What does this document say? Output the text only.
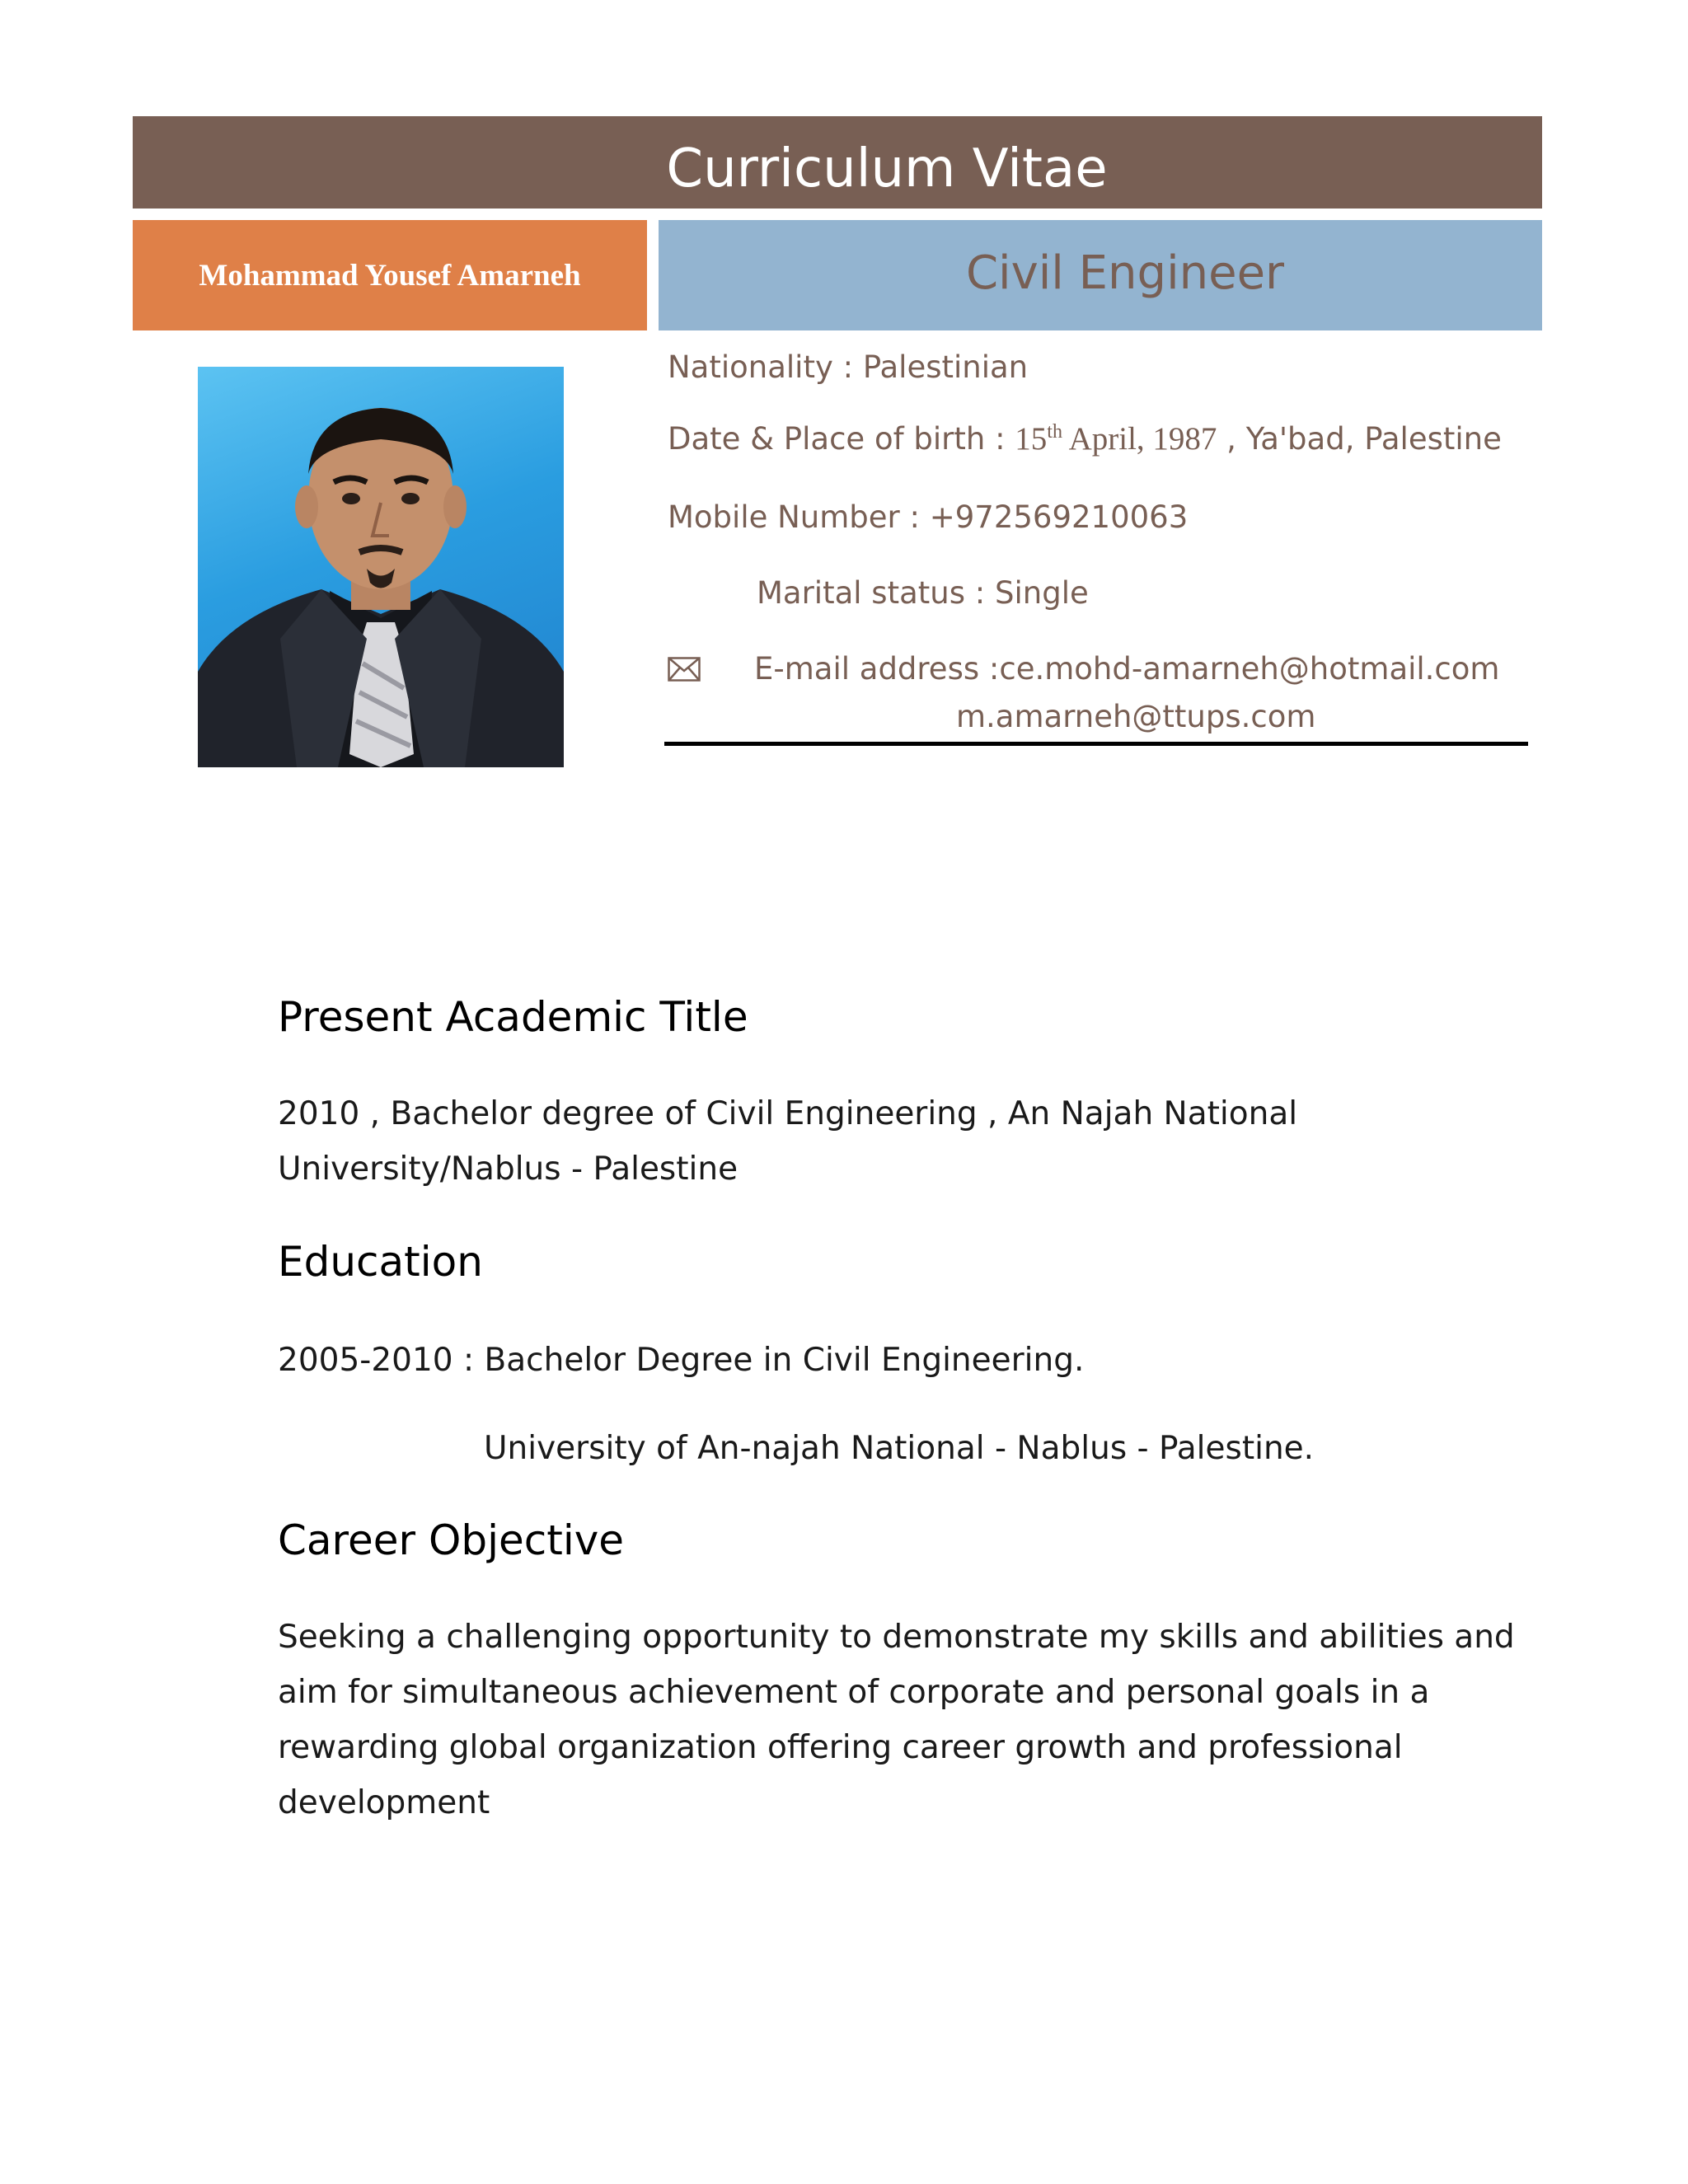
Curriculum Vitae
Mohammad Yousef Amarneh	Civil Engineer
Nationality : Palestinian
Date & Place of birth : 15th April, 1987 , Ya'bad, Palestine
Mobile Number : +972569210063
Marital status : Single
E-mail address :ce.mohd-amarneh@hotmail.com
m.amarneh@ttups.com
Present Academic Title
2010 , Bachelor degree of Civil Engineering , An Najah National
University/Nablus - Palestine
Education
2005-2010 : Bachelor Degree in Civil Engineering.
University of An-najah National - Nablus - Palestine.
Career Objective
Seeking a challenging opportunity to demonstrate my skills and abilities and
aim for simultaneous achievement of corporate and personal goals in a
rewarding global organization offering career growth and professional
development
